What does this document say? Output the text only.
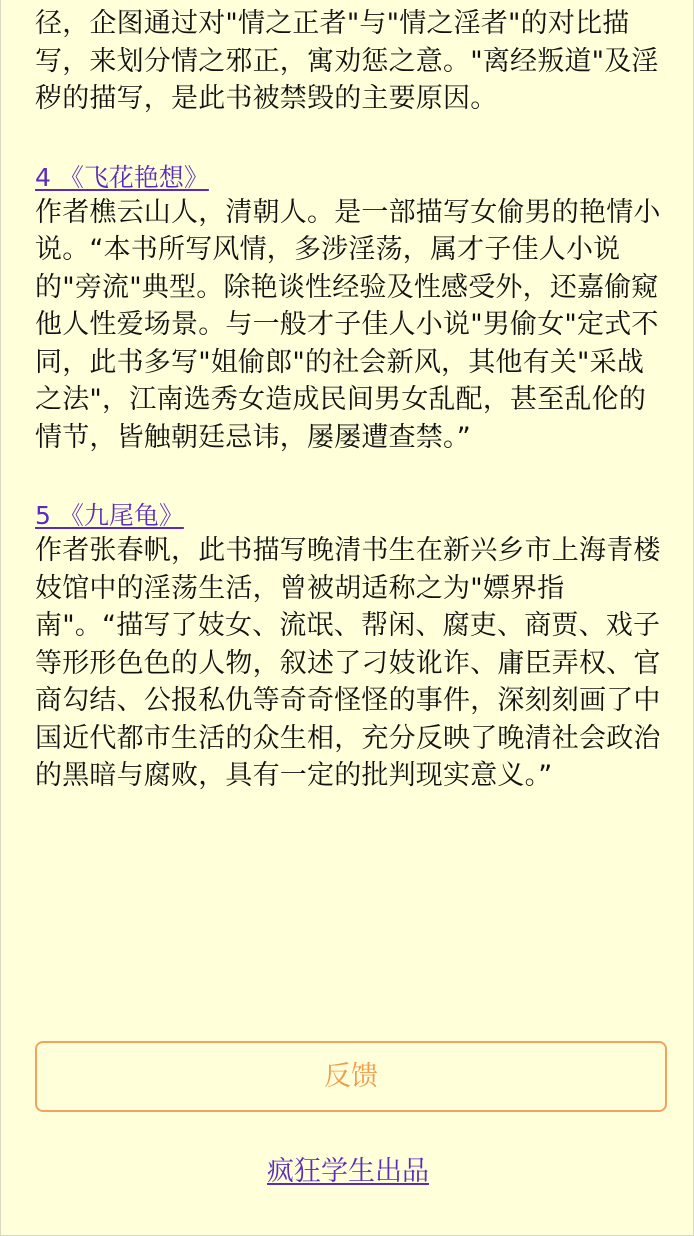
径，企图通过对"情之正者"与"情之淫者"的对比描写，来划分情之邪正，寓劝惩之意。"离经叛道"及淫秽的描写，是此书被禁毁的主要原因。

4 《飞花艳想》

作者樵云山人，清朝人。是一部描写女偷男的艳情小说。“本书所写风情，多涉淫荡，属才子佳人小说的"旁流"典型。除艳谈性经验及性感受外，还嘉偷窥他人性爱场景。与一般才子佳人小说"男偷女"定式不同，此书多写"姐偷郎"的社会新风，其他有关"采战之法"，江南选秀女造成民间男女乱配，甚至乱伦的情节，皆触朝廷忌讳，屡屡遭查禁。”

5 《九尾龟》

作者张春帆，此书描写晚清书生在新兴乡市上海青楼妓馆中的淫荡生活，曾被胡适称之为"嫖界指南"。“描写了妓女、流氓、帮闲、腐吏、商贾、戏子等形形色色的人物，叙述了刁妓讹诈、庸臣弄权、官商勾结、公报私仇等奇奇怪怪的事件，深刻刻画了中国近代都市生活的众生相，充分反映了晚清社会政治的黑暗与腐败，具有一定的批判现实意义。”

反馈
疯狂学生出品
